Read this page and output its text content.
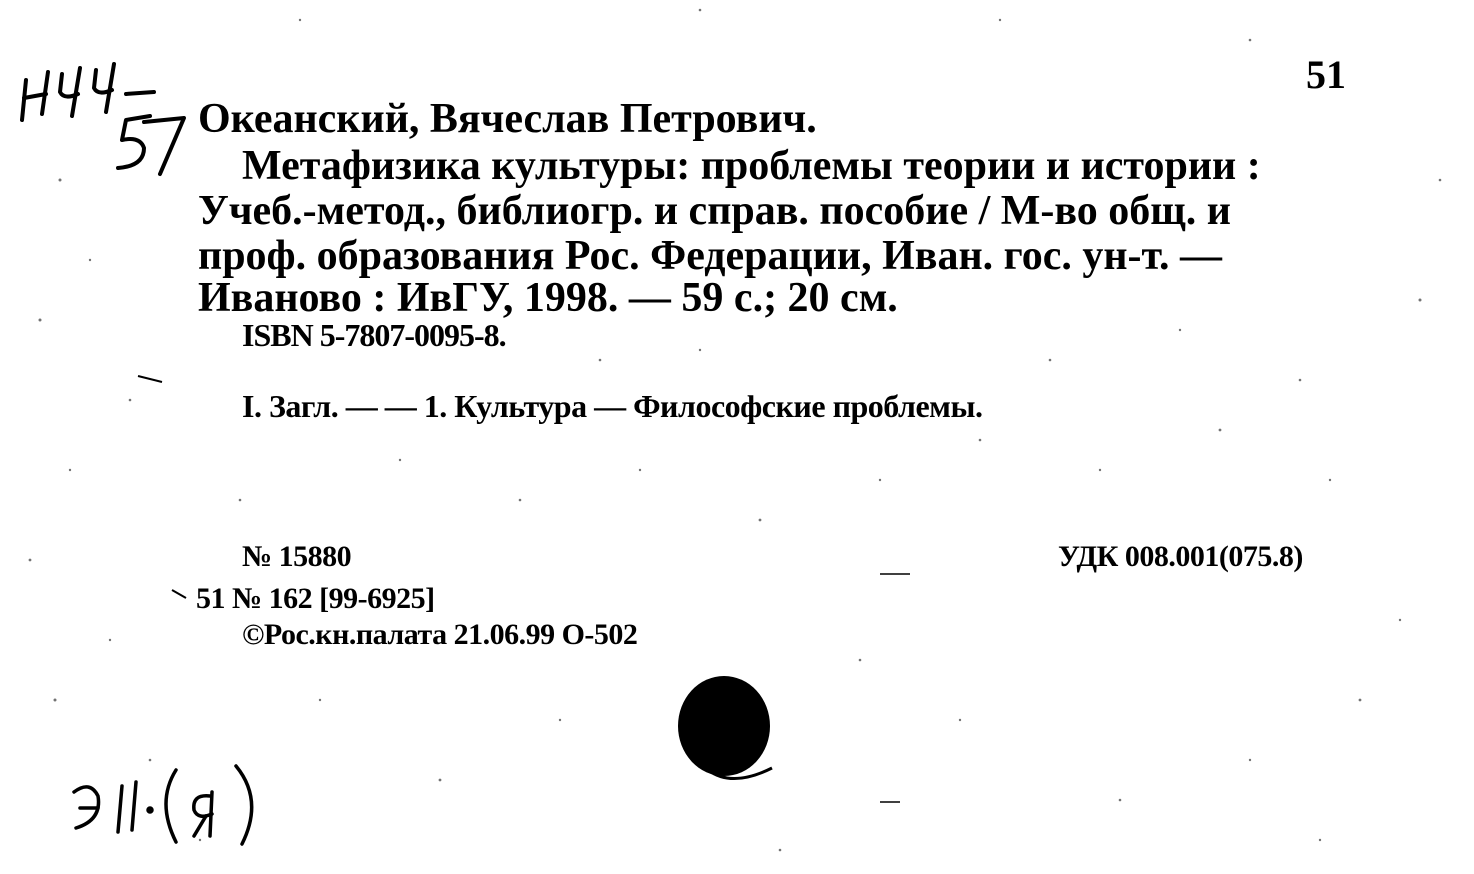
51
Океанский, Вячеслав Петрович.
Метафизика культуры: проблемы теории и истории :
Учеб.-метод., библиогр. и справ. пособие / М-во общ. и
проф. образования Рос. Федерации, Иван. гос. ун-т. —
Иваново : ИвГУ, 1998. — 59 с.; 20 см.
ISBN 5-7807-0095-8.
I. Загл. — — 1. Культура — Философские проблемы.
№ 15880
51 № 162 [99-6925]
©Рос.кн.палата 21.06.99 О-502
УДК 008.001(075.8)
